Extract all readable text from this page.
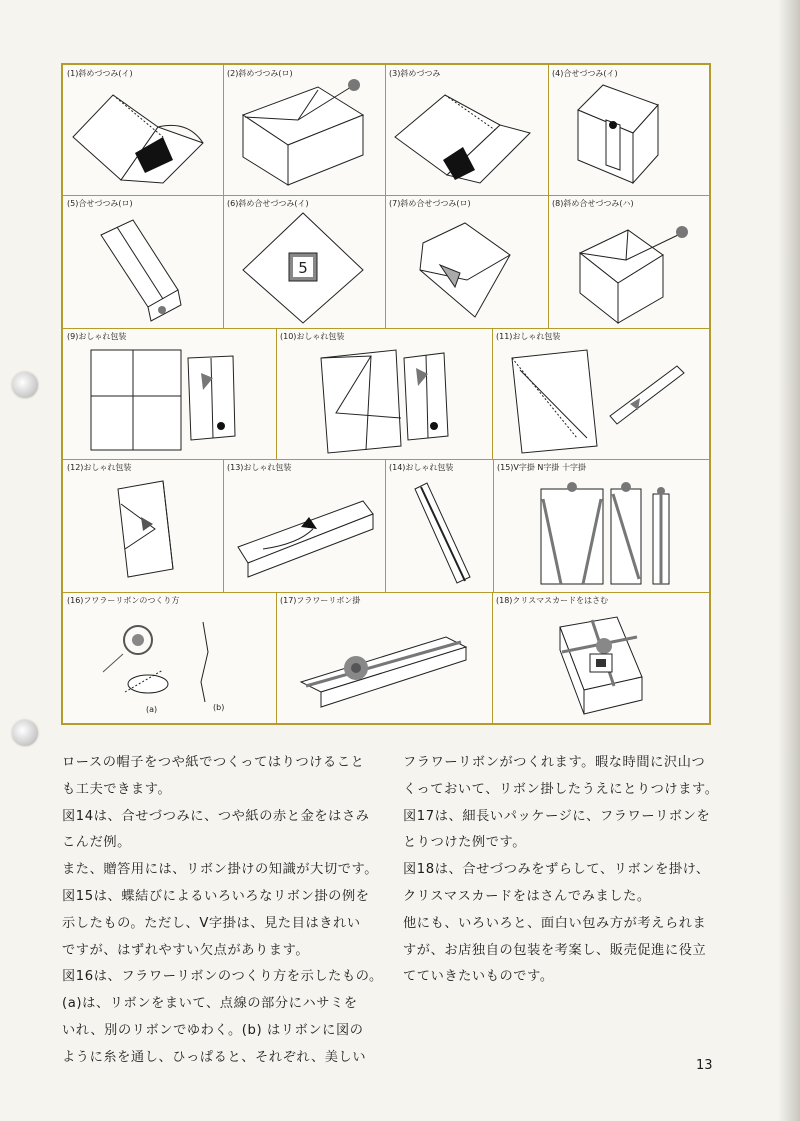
(1)斜めづつみ(イ)	(2)斜めづつみ(ロ)	(3)斜めづつみ	(4)合せづつみ(イ)
(5)合せづつみ(ロ)	(6)斜め合せづつみ(イ)
5
(7)斜め合せづつみ(ロ)	(8)斜め合せづつみ(ハ)
(9)おしゃれ包装	(10)おしゃれ包装	(11)おしゃれ包装
(12)おしゃれ包装	(13)おしゃれ包装	(14)おしゃれ包装	(15)V字掛 N字掛 十字掛
(16)フワラーリボンのつくり方
(a)	(b)
(17)フラワーリボン掛	(18)クリスマスカードをはさむ

ロースの帽子をつや紙でつくってはりつけること

も工夫できます。

図14は、合せづつみに、つや紙の赤と金をはさみ

こんだ例。

また、贈答用には、リボン掛けの知識が大切です。

図15は、蝶結びによるいろいろなリボン掛の例を

示したもの。ただし、V字掛は、見た目はきれい

ですが、はずれやすい欠点があります。

図16は、フラワーリボンのつくり方を示したもの。

(a)は、リボンをまいて、点線の部分にハサミを

いれ、別のリボンでゆわく。(b) はリボンに図の

ように糸を通し、ひっぱると、それぞれ、美しい

フラワーリボンがつくれます。暇な時間に沢山つ

くっておいて、リボン掛したうえにとりつけます。

図17は、細長いパッケージに、フラワーリボンを

とりつけた例です。

図18は、合せづつみをずらして、リボンを掛け、

クリスマスカードをはさんでみました。

他にも、いろいろと、面白い包み方が考えられま

すが、お店独自の包装を考案し、販売促進に役立

てていきたいものです。

13
